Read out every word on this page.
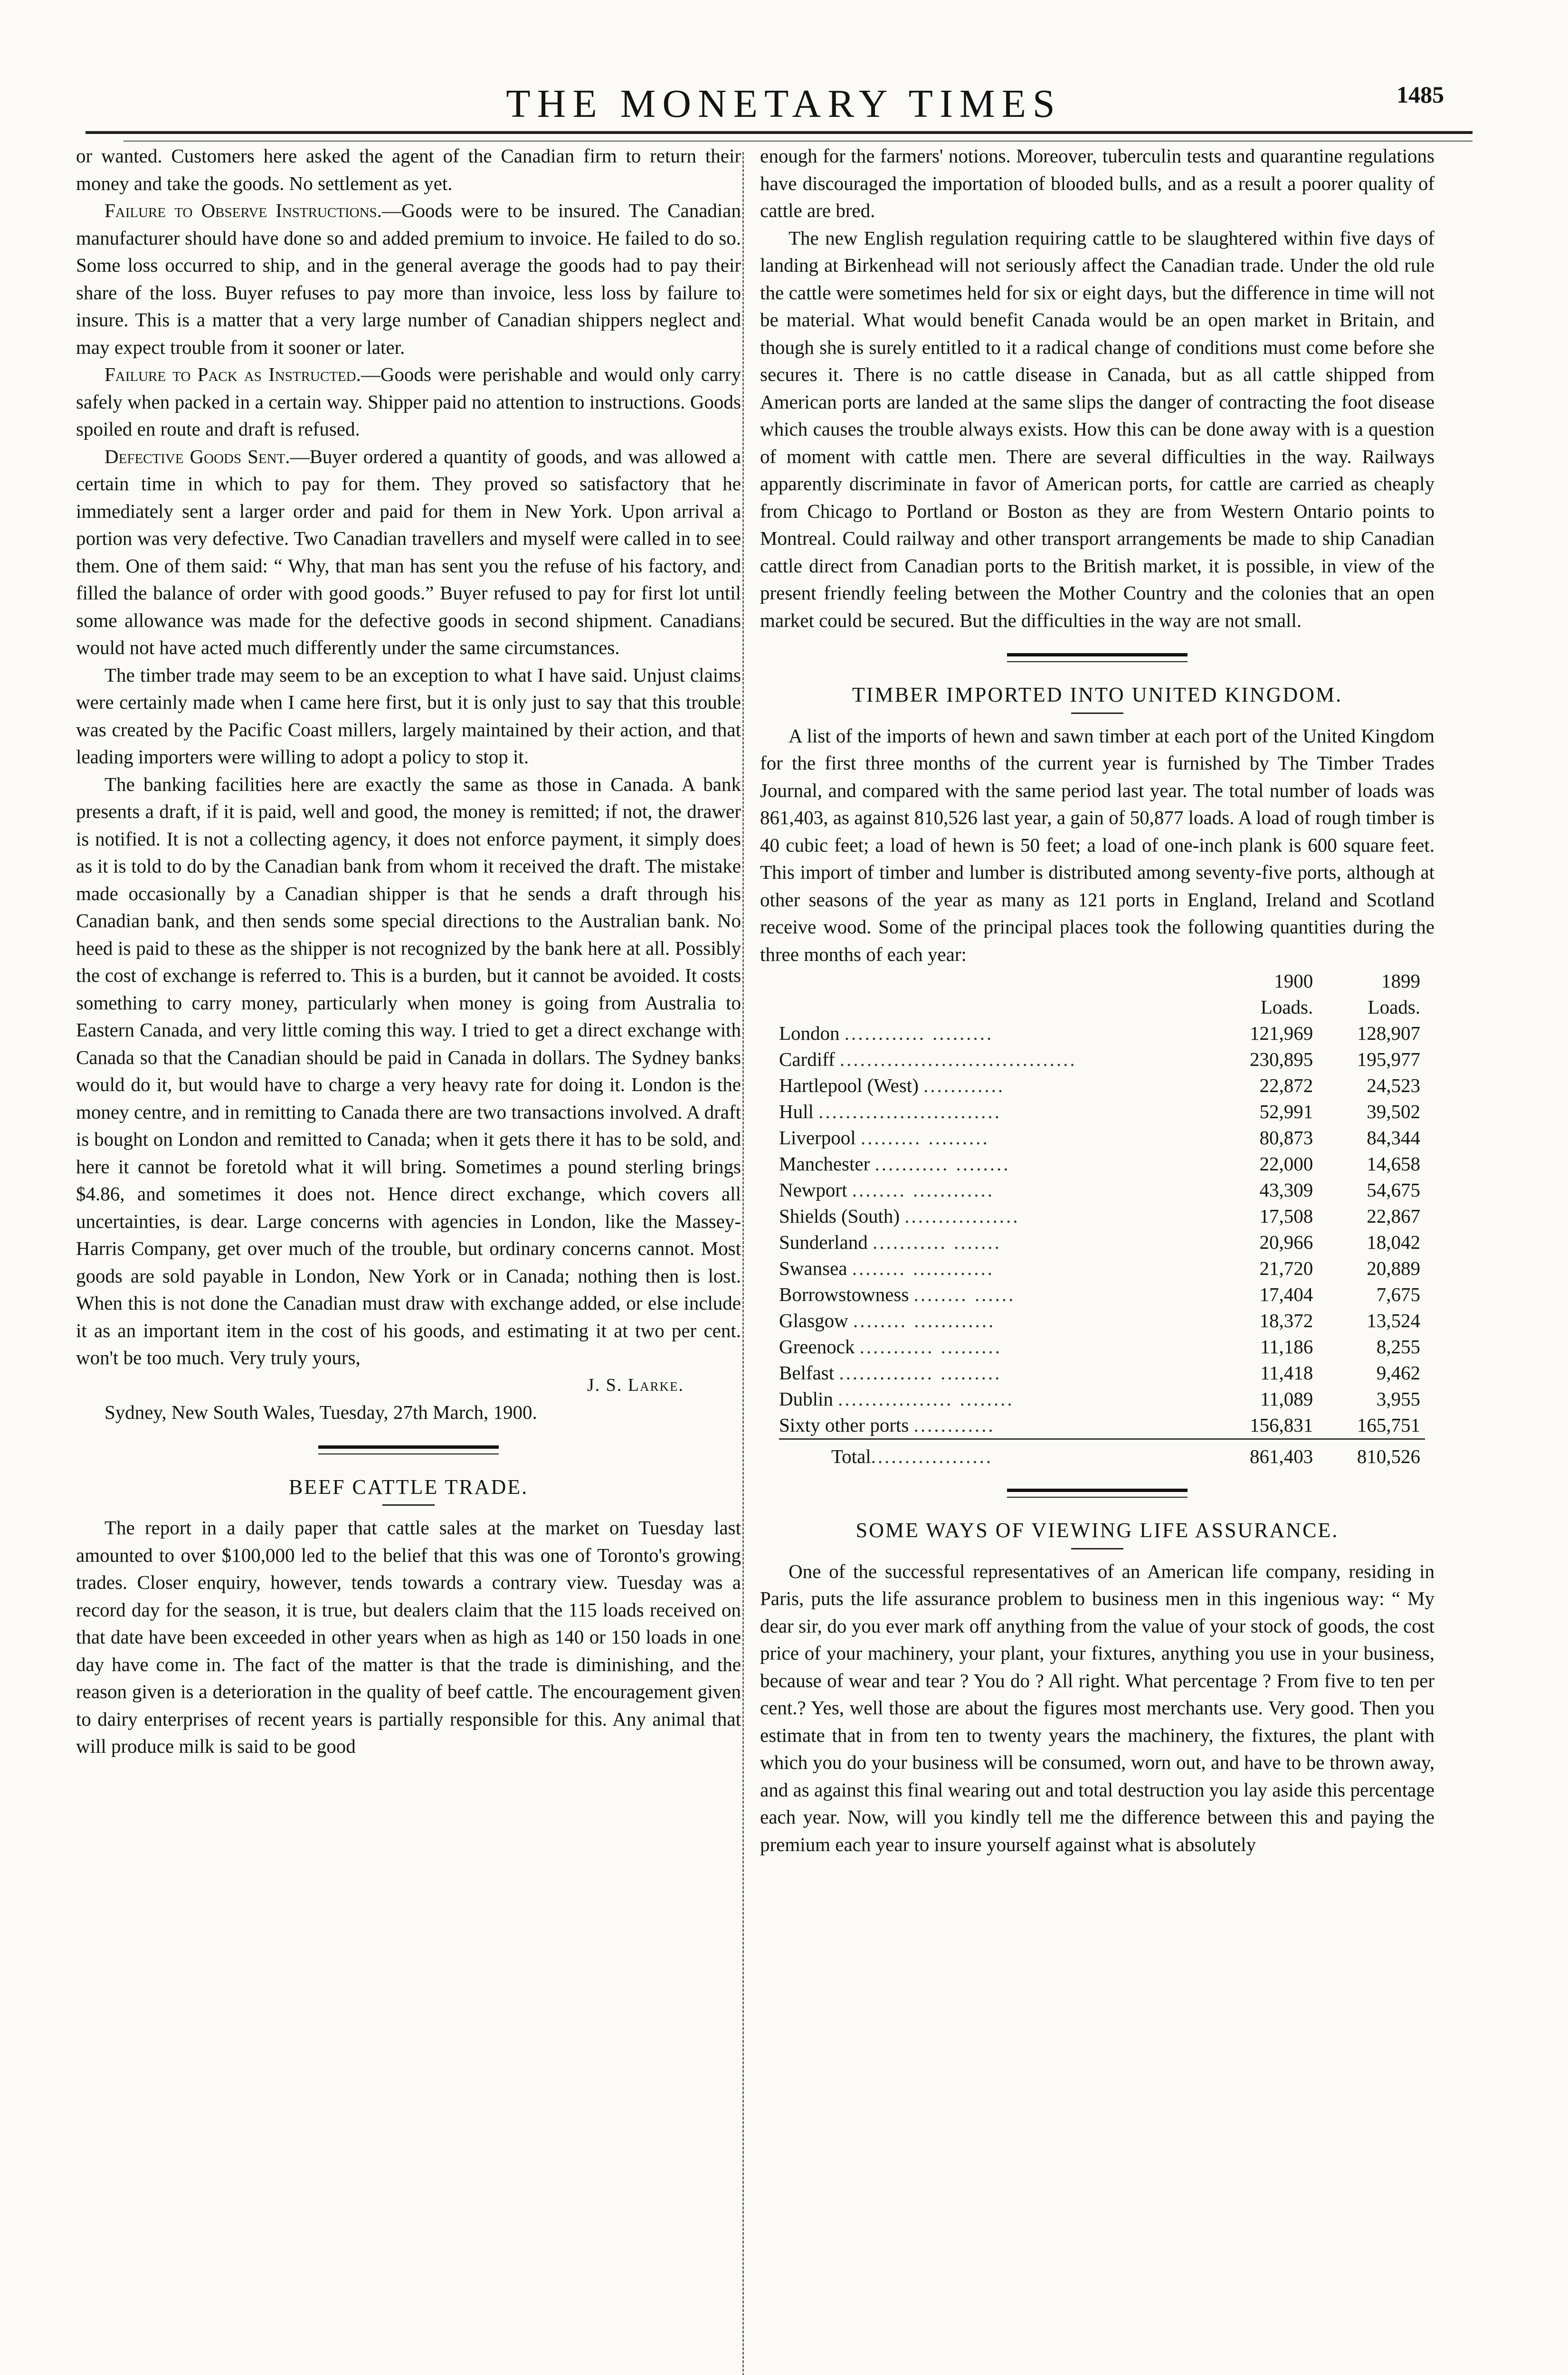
THE MONETARY TIMES	1485

or wanted. Customers here asked the agent of the Canadian firm to return their money and take the goods. No settlement as yet.

Failure to Observe Instructions.—Goods were to be insured. The Canadian manufacturer should have done so and added premium to invoice. He failed to do so. Some loss occurred to ship, and in the general average the goods had to pay their share of the loss. Buyer refuses to pay more than invoice, less loss by failure to insure. This is a matter that a very large number of Canadian shippers neglect and may expect trouble from it sooner or later.

Failure to Pack as Instructed.—Goods were perishable and would only carry safely when packed in a certain way. Shipper paid no attention to instructions. Goods spoiled en route and draft is refused.

Defective Goods Sent.—Buyer ordered a quantity of goods, and was allowed a certain time in which to pay for them. They proved so satisfactory that he immediately sent a larger order and paid for them in New York. Upon arrival a portion was very defective. Two Canadian travellers and myself were called in to see them. One of them said: “ Why, that man has sent you the refuse of his factory, and filled the balance of order with good goods.” Buyer refused to pay for first lot until some allowance was made for the defective goods in second shipment. Canadians would not have acted much differently under the same circumstances.

The timber trade may seem to be an exception to what I have said. Unjust claims were certainly made when I came here first, but it is only just to say that this trouble was created by the Pacific Coast millers, largely maintained by their action, and that leading importers were willing to adopt a policy to stop it.

The banking facilities here are exactly the same as those in Canada. A bank presents a draft, if it is paid, well and good, the money is remitted; if not, the drawer is notified. It is not a collecting agency, it does not enforce payment, it simply does as it is told to do by the Canadian bank from whom it received the draft. The mistake made occasionally by a Canadian shipper is that he sends a draft through his Canadian bank, and then sends some special directions to the Australian bank. No heed is paid to these as the shipper is not recognized by the bank here at all. Possibly the cost of exchange is referred to. This is a burden, but it cannot be avoided. It costs something to carry money, particularly when money is going from Australia to Eastern Canada, and very little coming this way. I tried to get a direct exchange with Canada so that the Canadian should be paid in Canada in dollars. The Sydney banks would do it, but would have to charge a very heavy rate for doing it. London is the money centre, and in remitting to Canada there are two transactions involved. A draft is bought on London and remitted to Canada; when it gets there it has to be sold, and here it cannot be foretold what it will bring. Sometimes a pound sterling brings $4.86, and sometimes it does not. Hence direct exchange, which covers all uncertainties, is dear. Large concerns with agencies in London, like the Massey-Harris Company, get over much of the trouble, but ordinary concerns cannot. Most goods are sold payable in London, New York or in Canada; nothing then is lost. When this is not done the Canadian must draw with exchange added, or else include it as an important item in the cost of his goods, and estimating it at two per cent. won't be too much. Very truly yours,

J. S. Larke.

Sydney, New South Wales, Tuesday, 27th March, 1900.

BEEF CATTLE TRADE.

The report in a daily paper that cattle sales at the market on Tuesday last amounted to over $100,000 led to the belief that this was one of Toronto's growing trades. Closer enquiry, however, tends towards a contrary view. Tuesday was a record day for the season, it is true, but dealers claim that the 115 loads received on that date have been exceeded in other years when as high as 140 or 150 loads in one day have come in. The fact of the matter is that the trade is diminishing, and the reason given is a deterioration in the quality of beef cattle. The encouragement given to dairy enterprises of recent years is partially responsible for this. Any animal that will produce milk is said to be good

enough for the farmers' notions. Moreover, tuberculin tests and quarantine regulations have discouraged the importation of blooded bulls, and as a result a poorer quality of cattle are bred.

The new English regulation requiring cattle to be slaughtered within five days of landing at Birkenhead will not seriously affect the Canadian trade. Under the old rule the cattle were sometimes held for six or eight days, but the difference in time will not be material. What would benefit Canada would be an open market in Britain, and though she is surely entitled to it a radical change of conditions must come before she secures it. There is no cattle disease in Canada, but as all cattle shipped from American ports are landed at the same slips the danger of contracting the foot disease which causes the trouble always exists. How this can be done away with is a question of moment with cattle men. There are several difficulties in the way. Railways apparently discriminate in favor of American ports, for cattle are carried as cheaply from Chicago to Portland or Boston as they are from Western Ontario points to Montreal. Could railway and other transport arrangements be made to ship Canadian cattle direct from Canadian ports to the British market, it is possible, in view of the present friendly feeling between the Mother Country and the colonies that an open market could be secured. But the difficulties in the way are not small.

TIMBER IMPORTED INTO UNITED KINGDOM.

A list of the imports of hewn and sawn timber at each port of the United Kingdom for the first three months of the current year is furnished by The Timber Trades Journal, and compared with the same period last year. The total number of loads was 861,403, as against 810,526 last year, a gain of 50,877 loads. A load of rough timber is 40 cubic feet; a load of hewn is 50 feet; a load of one-inch plank is 600 square feet. This import of timber and lumber is distributed among seventy-five ports, although at other seasons of the year as many as 121 ports in England, Ireland and Scotland receive wood. Some of the principal places took the following quantities during the three months of each year:

	1900	1899
	Loads.	Loads.
London ............ .........	121,969	128,907
Cardiff ...................................	230,895	195,977
Hartlepool (West) ............	22,872	24,523
Hull ...........................	52,991	39,502
Liverpool ......... .........	80,873	84,344
Manchester ........... ........	22,000	14,658
Newport ........ ............	43,309	54,675
Shields (South) .................	17,508	22,867
Sunderland ........... .......	20,966	18,042
Swansea ........ ............	21,720	20,889
Borrowstowness ........ ......	17,404	7,675
Glasgow ........ ............	18,372	13,524
Greenock ........... .........	11,186	8,255
Belfast .............. .........	11,418	9,462
Dublin ................. ........	11,089	3,955
Sixty other ports ............	156,831	165,751

Total..................	861,403	810,526

SOME WAYS OF VIEWING LIFE ASSURANCE.

One of the successful representatives of an American life company, residing in Paris, puts the life assurance problem to business men in this ingenious way: “ My dear sir, do you ever mark off anything from the value of your stock of goods, the cost price of your machinery, your plant, your fixtures, anything you use in your business, because of wear and tear ? You do ? All right. What percentage ? From five to ten per cent.? Yes, well those are about the figures most merchants use. Very good. Then you estimate that in from ten to twenty years the machinery, the fixtures, the plant with which you do your business will be consumed, worn out, and have to be thrown away, and as against this final wearing out and total destruction you lay aside this percentage each year. Now, will you kindly tell me the difference between this and paying the premium each year to insure yourself against what is absolutely
